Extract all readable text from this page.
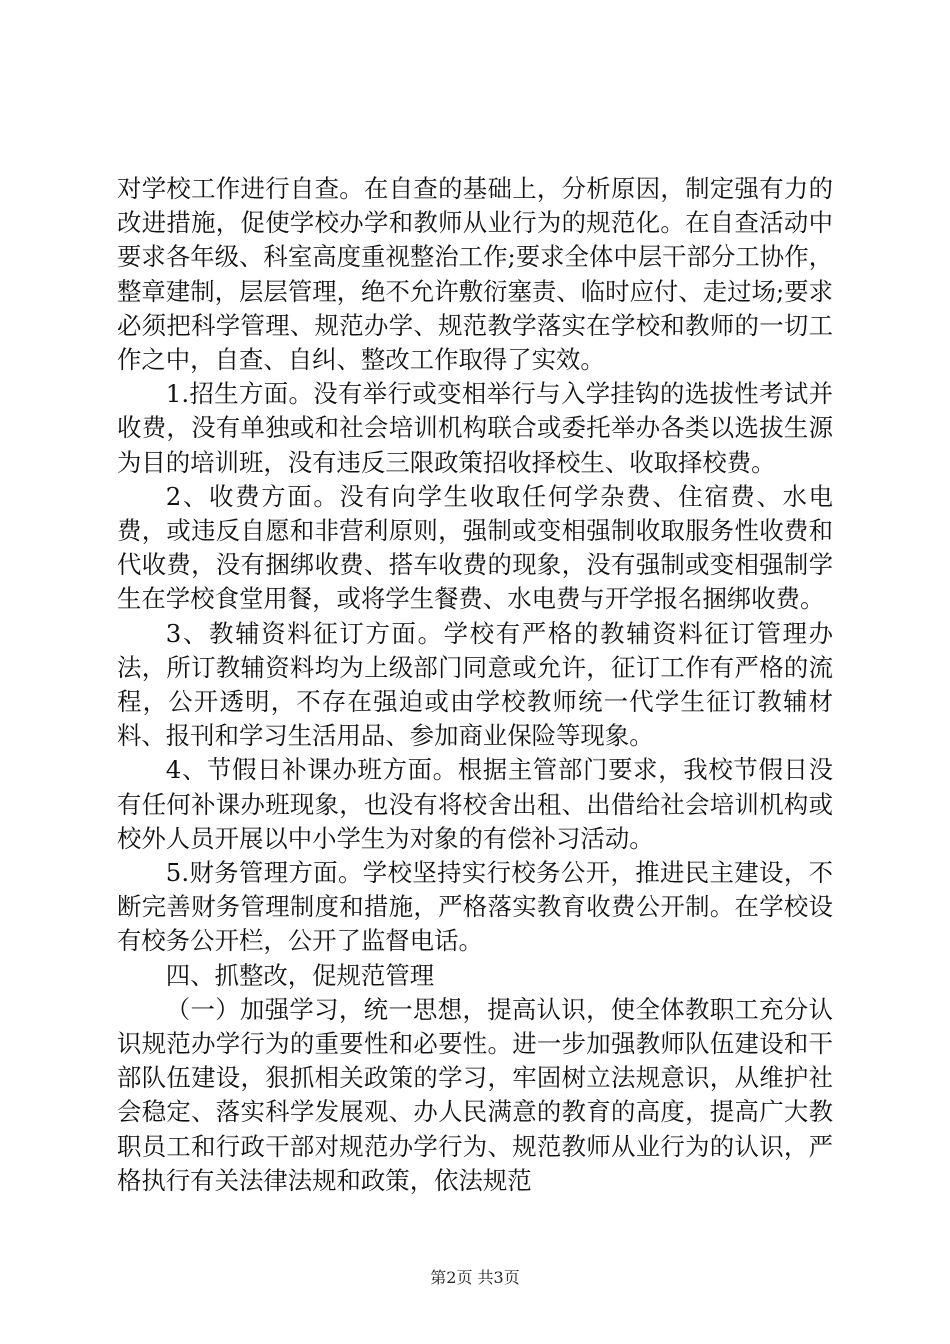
对学校工作进行自查。在自查的基础上，分析原因，制定强有力的改进措施，促使学校办学和教师从业行为的规范化。在自查活动中要求各年级、科室高度重视整治工作;要求全体中层干部分工协作，整章建制，层层管理，绝不允许敷衍塞责、临时应付、走过场;要求必须把科学管理、规范办学、规范教学落实在学校和教师的一切工作之中，自查、自纠、整改工作取得了实效。

1.招生方面。没有举行或变相举行与入学挂钩的选拔性考试并收费，没有单独或和社会培训机构联合或委托举办各类以选拔生源为目的培训班，没有违反三限政策招收择校生、收取择校费。

2、收费方面。没有向学生收取任何学杂费、住宿费、水电费，或违反自愿和非营利原则，强制或变相强制收取服务性收费和代收费，没有捆绑收费、搭车收费的现象，没有强制或变相强制学生在学校食堂用餐，或将学生餐费、水电费与开学报名捆绑收费。

3、教辅资料征订方面。学校有严格的教辅资料征订管理办法，所订教辅资料均为上级部门同意或允许，征订工作有严格的流程，公开透明，不存在强迫或由学校教师统一代学生征订教辅材料、报刊和学习生活用品、参加商业保险等现象。

4、节假日补课办班方面。根据主管部门要求，我校节假日没有任何补课办班现象，也没有将校舍出租、出借给社会培训机构或校外人员开展以中小学生为对象的有偿补习活动。

5.财务管理方面。学校坚持实行校务公开，推进民主建设，不断完善财务管理制度和措施，严格落实教育收费公开制。在学校设有校务公开栏，公开了监督电话。

四、抓整改，促规范管理

（一）加强学习，统一思想，提高认识，使全体教职工充分认识规范办学行为的重要性和必要性。进一步加强教师队伍建设和干部队伍建设，狠抓相关政策的学习，牢固树立法规意识，从维护社会稳定、落实科学发展观、办人民满意的教育的高度，提高广大教职员工和行政干部对规范办学行为、规范教师从业行为的认识，严格执行有关法律法规和政策，依法规范

第2页 共3页
